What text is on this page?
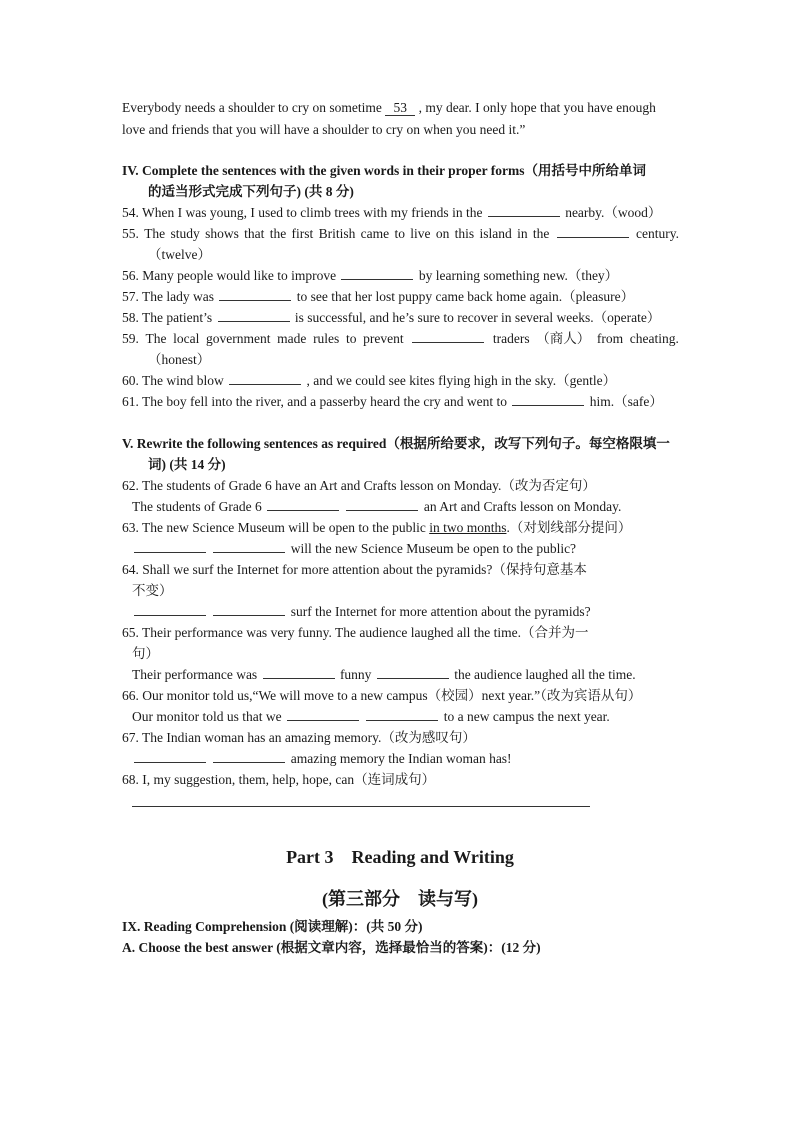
Everybody needs a shoulder to cry on sometime 53 , my dear. I only hope that you have enough
love and friends that you will have a shoulder to cry on when you need it.”
IV. Complete the sentences with the given words in their proper forms（用括号中所给单词
的适当形式完成下列句子) (共 8 分)
54. When I was young, I used to climb trees with my friends in the	nearby.（wood）
55. The study shows that the first British came to live on this island in the	century.
（twelve）
56. Many people would like to improve	by learning something new.（they）
57. The lady was	to see that her lost puppy came back home again.（pleasure）
58. The patient’s	is successful, and he’s sure to recover in several weeks.（operate）
59. The local government made rules to prevent	traders （商人） from cheating.
（honest）
60. The wind blow	, and we could see kites flying high in the sky.（gentle）
61. The boy fell into the river, and a passerby heard the cry and went to	him.（safe）
V. Rewrite the following sentences as required（根据所给要求，改写下列句子。每空格限填一
词) (共 14 分)
62. The students of Grade 6 have an Art and Crafts lesson on Monday.（改为否定句）
The students of Grade 6	an Art and Crafts lesson on Monday.
63. The new Science Museum will be open to the public in two months.（对划线部分提问）
will the new Science Museum be open to the public?
64. Shall we surf the Internet for more attention about the pyramids?（保持句意基本
不变）
surf the Internet for more attention about the pyramids?
65. Their performance was very funny. The audience laughed all the time.（合并为一
句）
Their performance was	funny	the audience laughed all the time.
66. Our monitor told us,“We will move to a new campus（校园）next year.”（改为宾语从句）
Our monitor told us that we	to a new campus the next year.
67. The Indian woman has an amazing memory.（改为感叹句）
amazing memory the Indian woman has!
68. I, my suggestion, them, help, hope, can（连词成句）
Part 3　Reading and Writing
(第三部分　读与写)
IX. Reading Comprehension (阅读理解)：(共 50 分)
A. Choose the best answer (根据文章内容，选择最恰当的答案)：(12 分)
